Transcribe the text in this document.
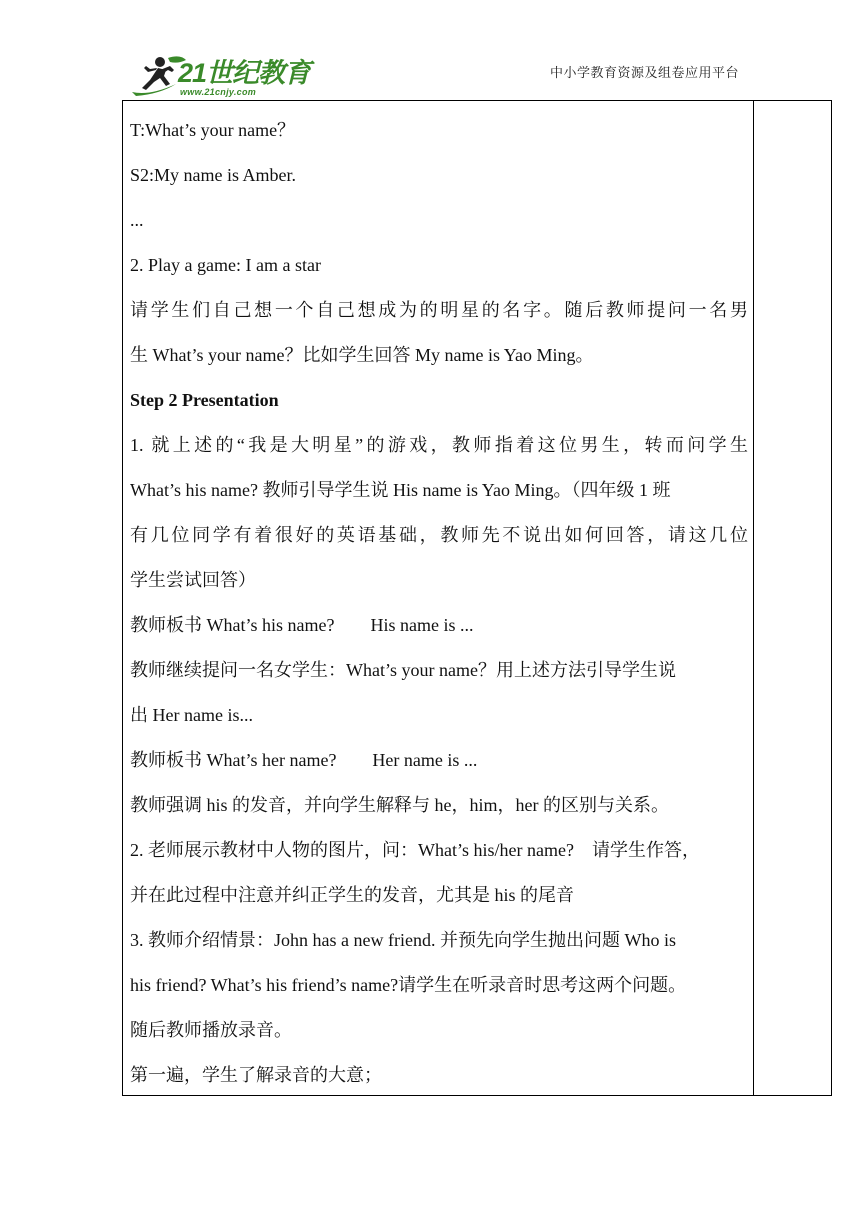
21世纪教育
www.21cnjy.com
中小学教育资源及组卷应用平台
T:What’s your name？
S2:My name is Amber.
...
2. Play a game: I am a star
请学生们自己想一个自己想成为的明星的名字。随后教师提问一名男
生 What’s your name？比如学生回答 My name is Yao Ming。
Step 2 Presentation
1. 就上述的“我是大明星”的游戏，教师指着这位男生，转而问学生
What’s his name? 教师引导学生说 His name is Yao Ming。（四年级 1 班
有几位同学有着很好的英语基础，教师先不说出如何回答，请这几位
学生尝试回答）
教师板书 What’s his name?        His name is ...
教师继续提问一名女学生：What’s your name？用上述方法引导学生说
出 Her name is...
教师板书 What’s her name?        Her name is ...
教师强调 his 的发音，并向学生解释与 he，him，her 的区别与关系。
2. 老师展示教材中人物的图片，问：What’s his/her name?    请学生作答，
并在此过程中注意并纠正学生的发音，尤其是 his 的尾音
3. 教师介绍情景：John has a new friend. 并预先向学生抛出问题 Who is
his friend? What’s his friend’s name?请学生在听录音时思考这两个问题。
随后教师播放录音。
第一遍，学生了解录音的大意；
